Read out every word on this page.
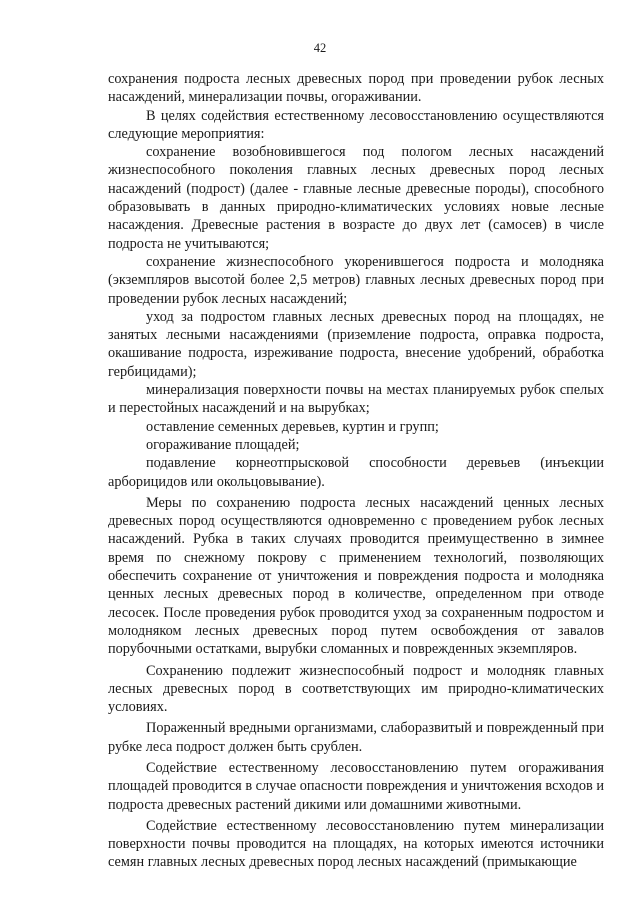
42

сохранения подроста лесных древесных пород при проведении рубок лесных насаждений, минерализации почвы, огораживании.

В целях содействия естественному лесовосстановлению осуществляются следующие мероприятия:

сохранение возобновившегося под пологом лесных насаждений жизнеспособного поколения главных лесных древесных пород лесных насаждений (подрост) (далее - главные лесные древесные породы), способного образовывать в данных природно-климатических условиях новые лесные насаждения. Древесные растения в возрасте до двух лет (самосев) в числе подроста не учитываются;

сохранение жизнеспособного укоренившегося подроста и молодняка (экземпляров высотой более 2,5 метров) главных лесных древесных пород при проведении рубок лесных насаждений;

уход за подростом главных лесных древесных пород на площадях, не занятых лесными насаждениями (приземление подроста, оправка подроста, окашивание подроста, изреживание подроста, внесение удобрений, обработка гербицидами);

минерализация поверхности почвы на местах планируемых рубок спелых и перестойных насаждений и на вырубках;

оставление семенных деревьев, куртин и групп;

огораживание площадей;

подавление корнеотпрысковой способности деревьев (инъекции арборицидов или окольцовывание).

Меры по сохранению подроста лесных насаждений ценных лесных древесных пород осуществляются одновременно с проведением рубок лесных насаждений. Рубка в таких случаях проводится преимущественно в зимнее время по снежному покрову с применением технологий, позволяющих обеспечить сохранение от уничтожения и повреждения подроста и молодняка ценных лесных древесных пород в количестве, определенном при отводе лесосек. После проведения рубок проводится уход за сохраненным подростом и молодняком лесных древесных пород путем освобождения от завалов порубочными остатками, вырубки сломанных и поврежденных экземпляров.

Сохранению подлежит жизнеспособный подрост и молодняк главных лесных древесных пород в соответствующих им природно-климатических условиях.

Пораженный вредными организмами, слаборазвитый и поврежденный при рубке леса подрост должен быть срублен.

Содействие естественному лесовосстановлению путем огораживания площадей проводится в случае опасности повреждения и уничтожения всходов и подроста древесных растений дикими или домашними животными.

Содействие естественному лесовосстановлению путем минерализации поверхности почвы проводится на площадях, на которых имеются источники семян главных лесных древесных пород лесных насаждений (примыкающие
